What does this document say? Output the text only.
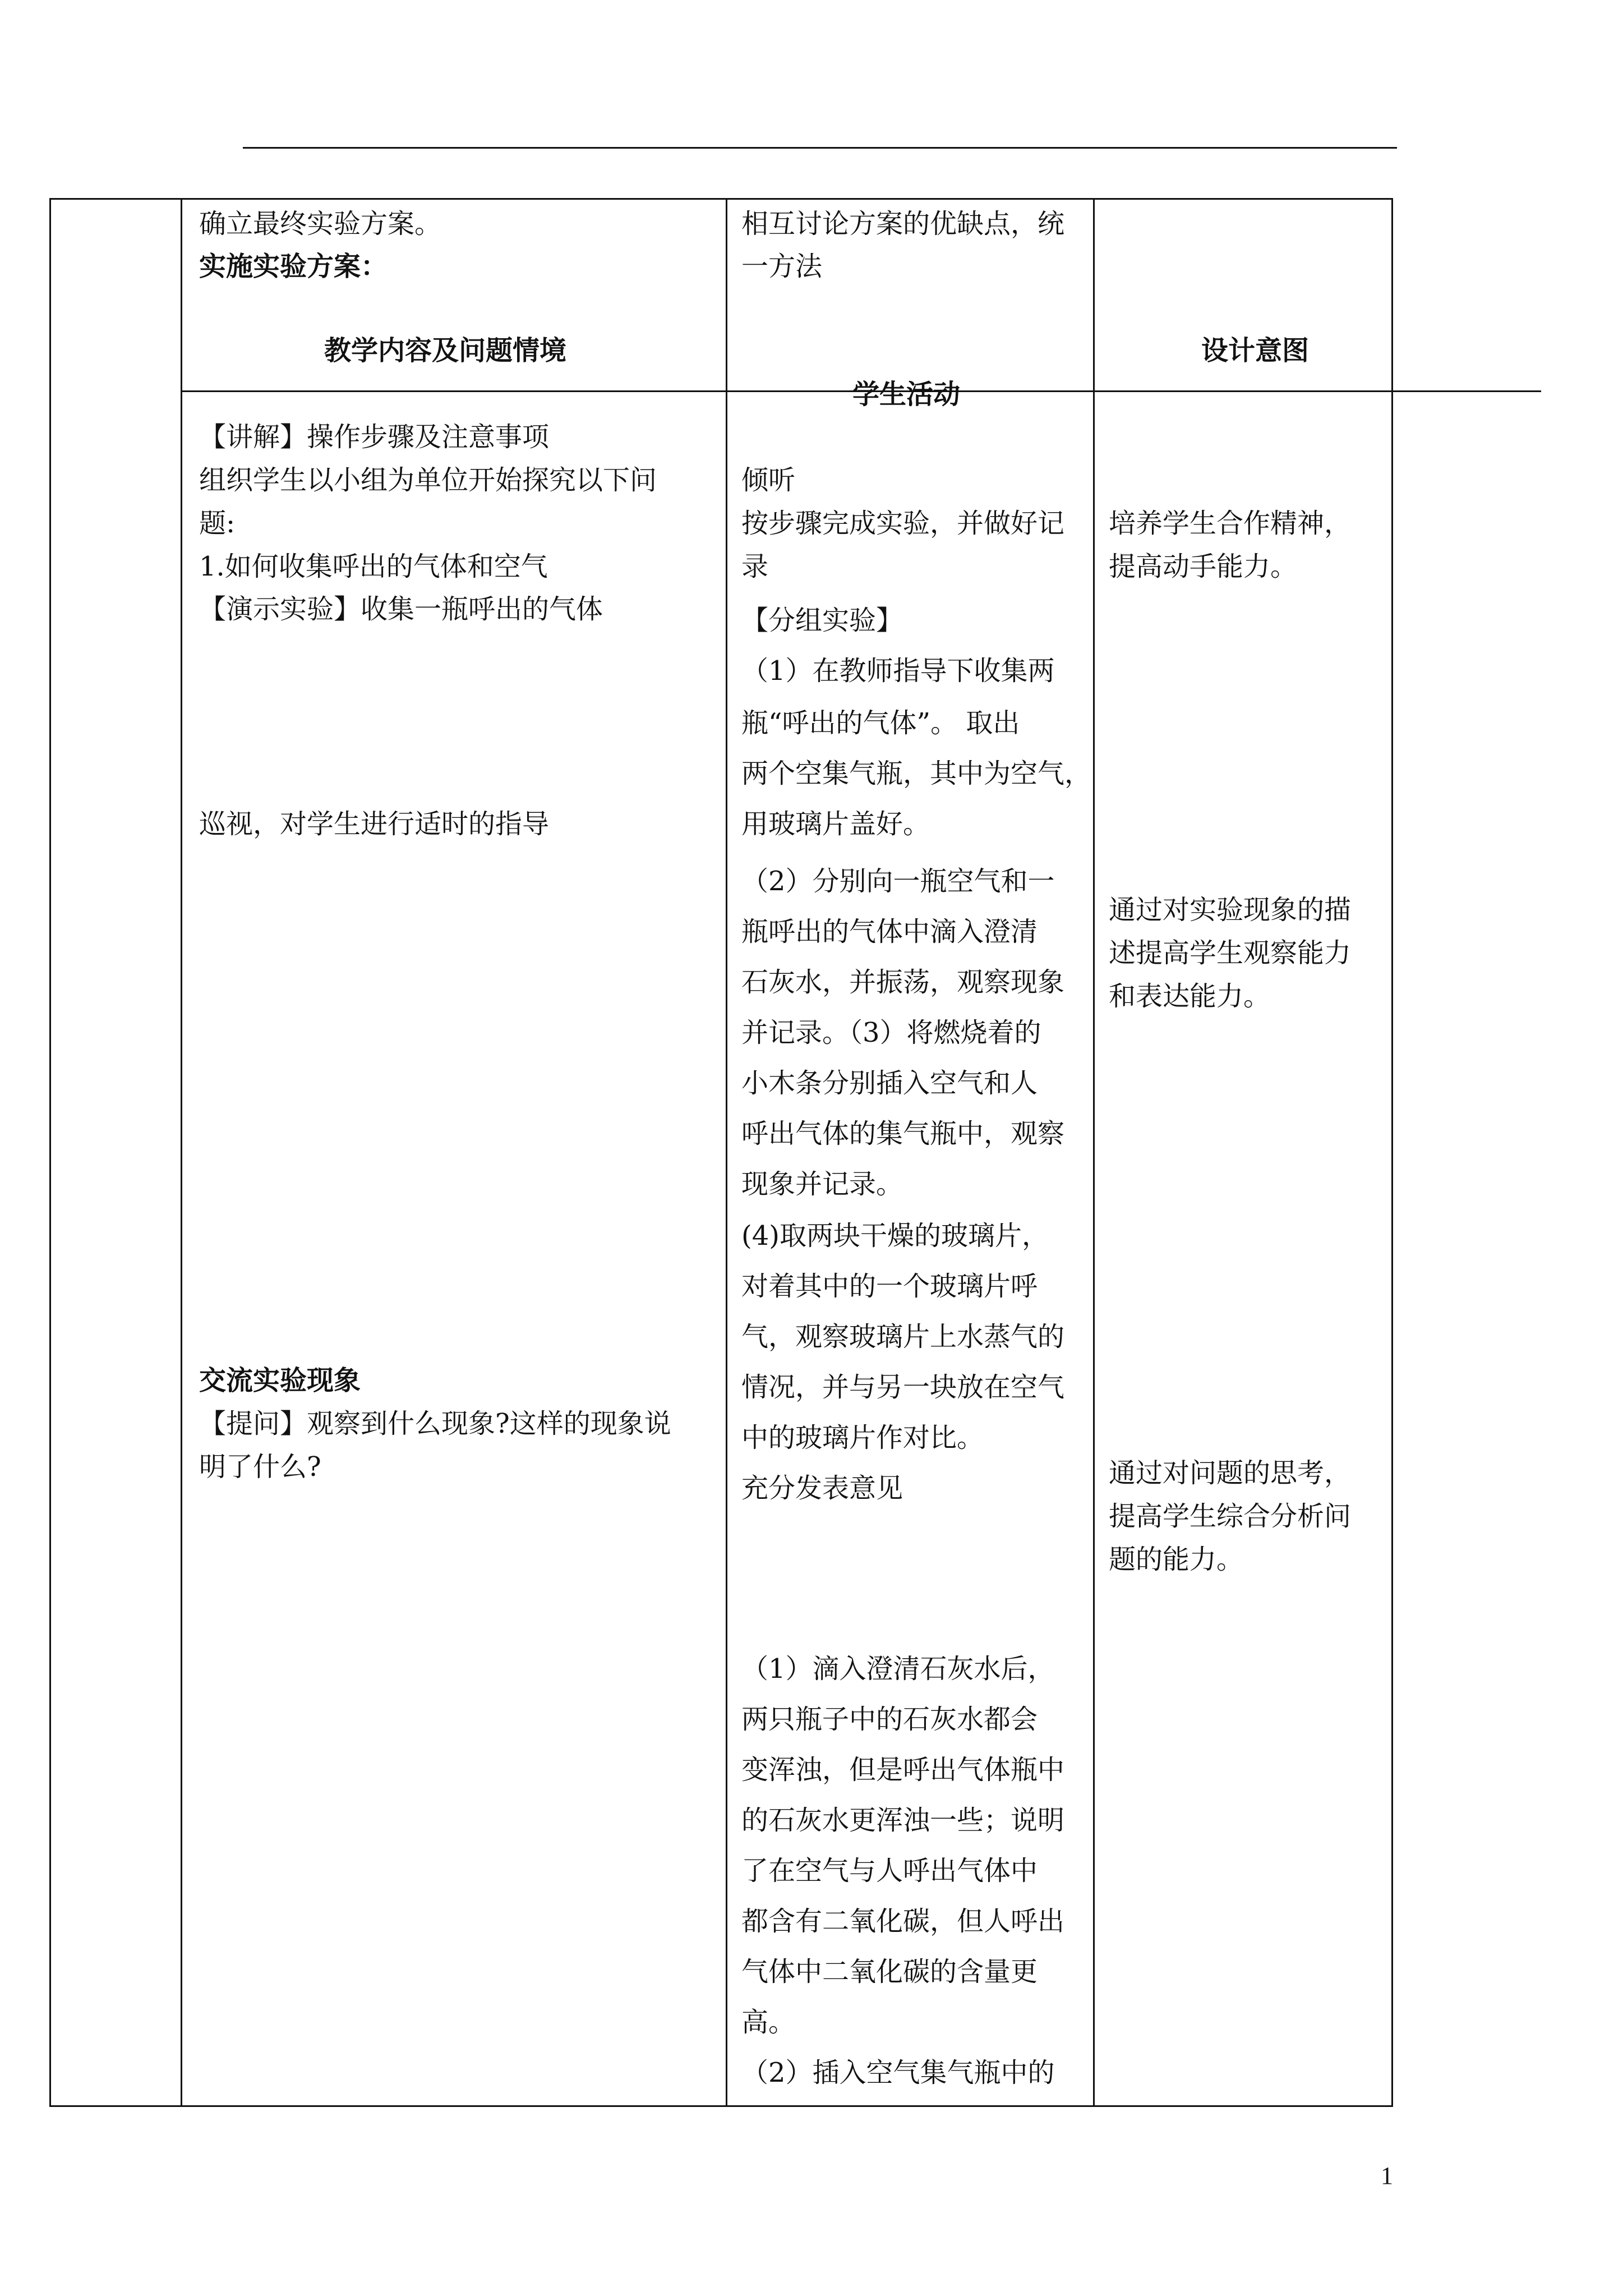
确立最终实验方案。
实施实验方案：
教学内容及问题情境
【讲解】操作步骤及注意事项
组织学生以小组为单位开始探究以下问
题:
1.如何收集呼出的气体和空气
【演示实验】收集一瓶呼出的气体
巡视，对学生进行适时的指导
交流实验现象
【提问】观察到什么现象?这样的现象说
明了什么?
相互讨论方案的优缺点，统
一方法
学生活动
倾听
按步骤完成实验，并做好记
录
【分组实验】
（1）在教师指导下收集两
瓶“呼出的气体”。 取出
两个空集气瓶，其中为空气，
用玻璃片盖好。
（2）分别向一瓶空气和一
瓶呼出的气体中滴入澄清
石灰水，并振荡，观察现象
并记录。（3）将燃烧着的
小木条分别插入空气和人
呼出气体的集气瓶中，观察
现象并记录。
(4)取两块干燥的玻璃片，
对着其中的一个玻璃片呼
气，观察玻璃片上水蒸气的
情况，并与另一块放在空气
中的玻璃片作对比。
充分发表意见
（1）滴入澄清石灰水后，
两只瓶子中的石灰水都会
变浑浊，但是呼出气体瓶中
的石灰水更浑浊一些；说明
了在空气与人呼出气体中
都含有二氧化碳，但人呼出
气体中二氧化碳的含量更
高。
（2）插入空气集气瓶中的
设计意图
培养学生合作精神，
提高动手能力。
通过对实验现象的描
述提高学生观察能力
和表达能力。
通过对问题的思考，
提高学生综合分析问
题的能力。
1
